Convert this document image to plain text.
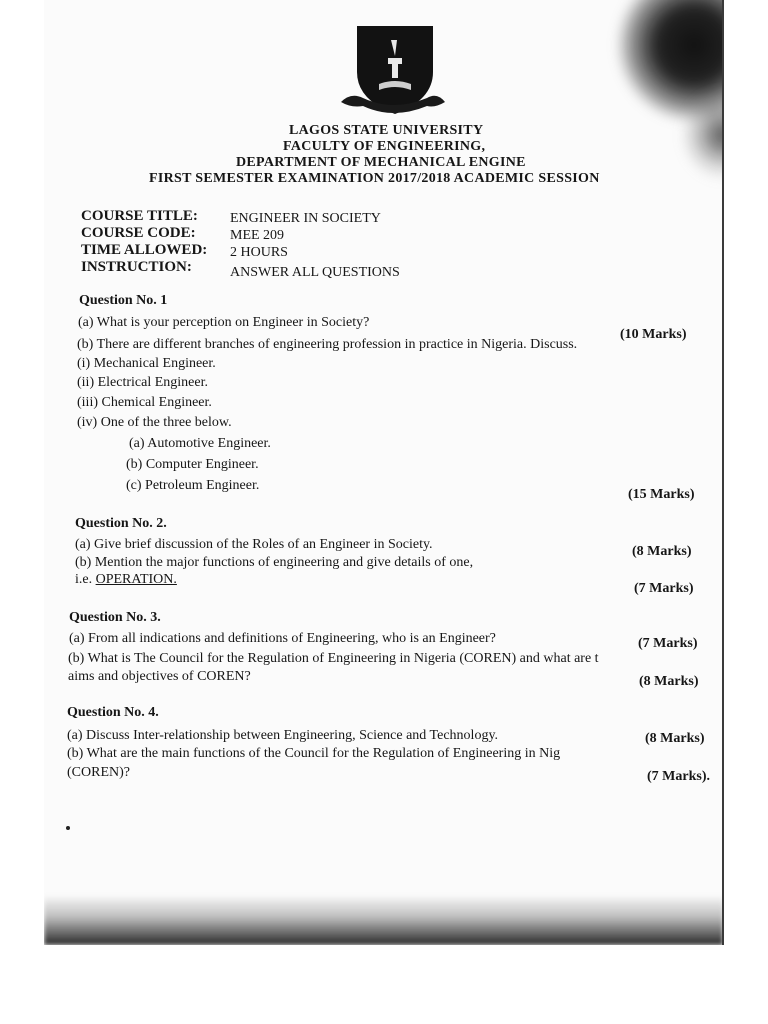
LAGOS STATE UNIVERSITY
FACULTY OF ENGINEERING,
DEPARTMENT OF MECHANICAL ENGINE
FIRST SEMESTER EXAMINATION 2017/2018 ACADEMIC SESSION
COURSE TITLE: ENGINEER IN SOCIETY
COURSE CODE: MEE 209
TIME ALLOWED: 2 HOURS
INSTRUCTION:	ANSWER ALL QUESTIONS
Question No. 1
(a) What is your perception on Engineer in Society?
(10 Marks)
(b) There are different branches of engineering profession in practice in Nigeria. Discuss.
(i) Mechanical Engineer.
(ii) Electrical Engineer.
(iii) Chemical Engineer.
(iv) One of the three below.
(a) Automotive Engineer.
(b) Computer Engineer.
(c) Petroleum Engineer.
(15 Marks)
Question No. 2.
(a) Give brief discussion of the Roles of an Engineer in Society.	(8 Marks)
(b) Mention the major functions of engineering and give details of one,
i.e. OPERATION.
(7 Marks)
Question No. 3.
(a) From all indications and definitions of Engineering, who is an Engineer?	(7 Marks)
(b) What is The Council for the Regulation of Engineering in Nigeria (COREN) and what are t
aims and objectives of COREN?	(8 Marks)
Question No. 4.
(a) Discuss Inter-relationship between Engineering, Science and Technology.	(8 Marks)
(b) What are the main functions of the Council for the Regulation of Engineering in Nig
(COREN)?	(7 Marks).
